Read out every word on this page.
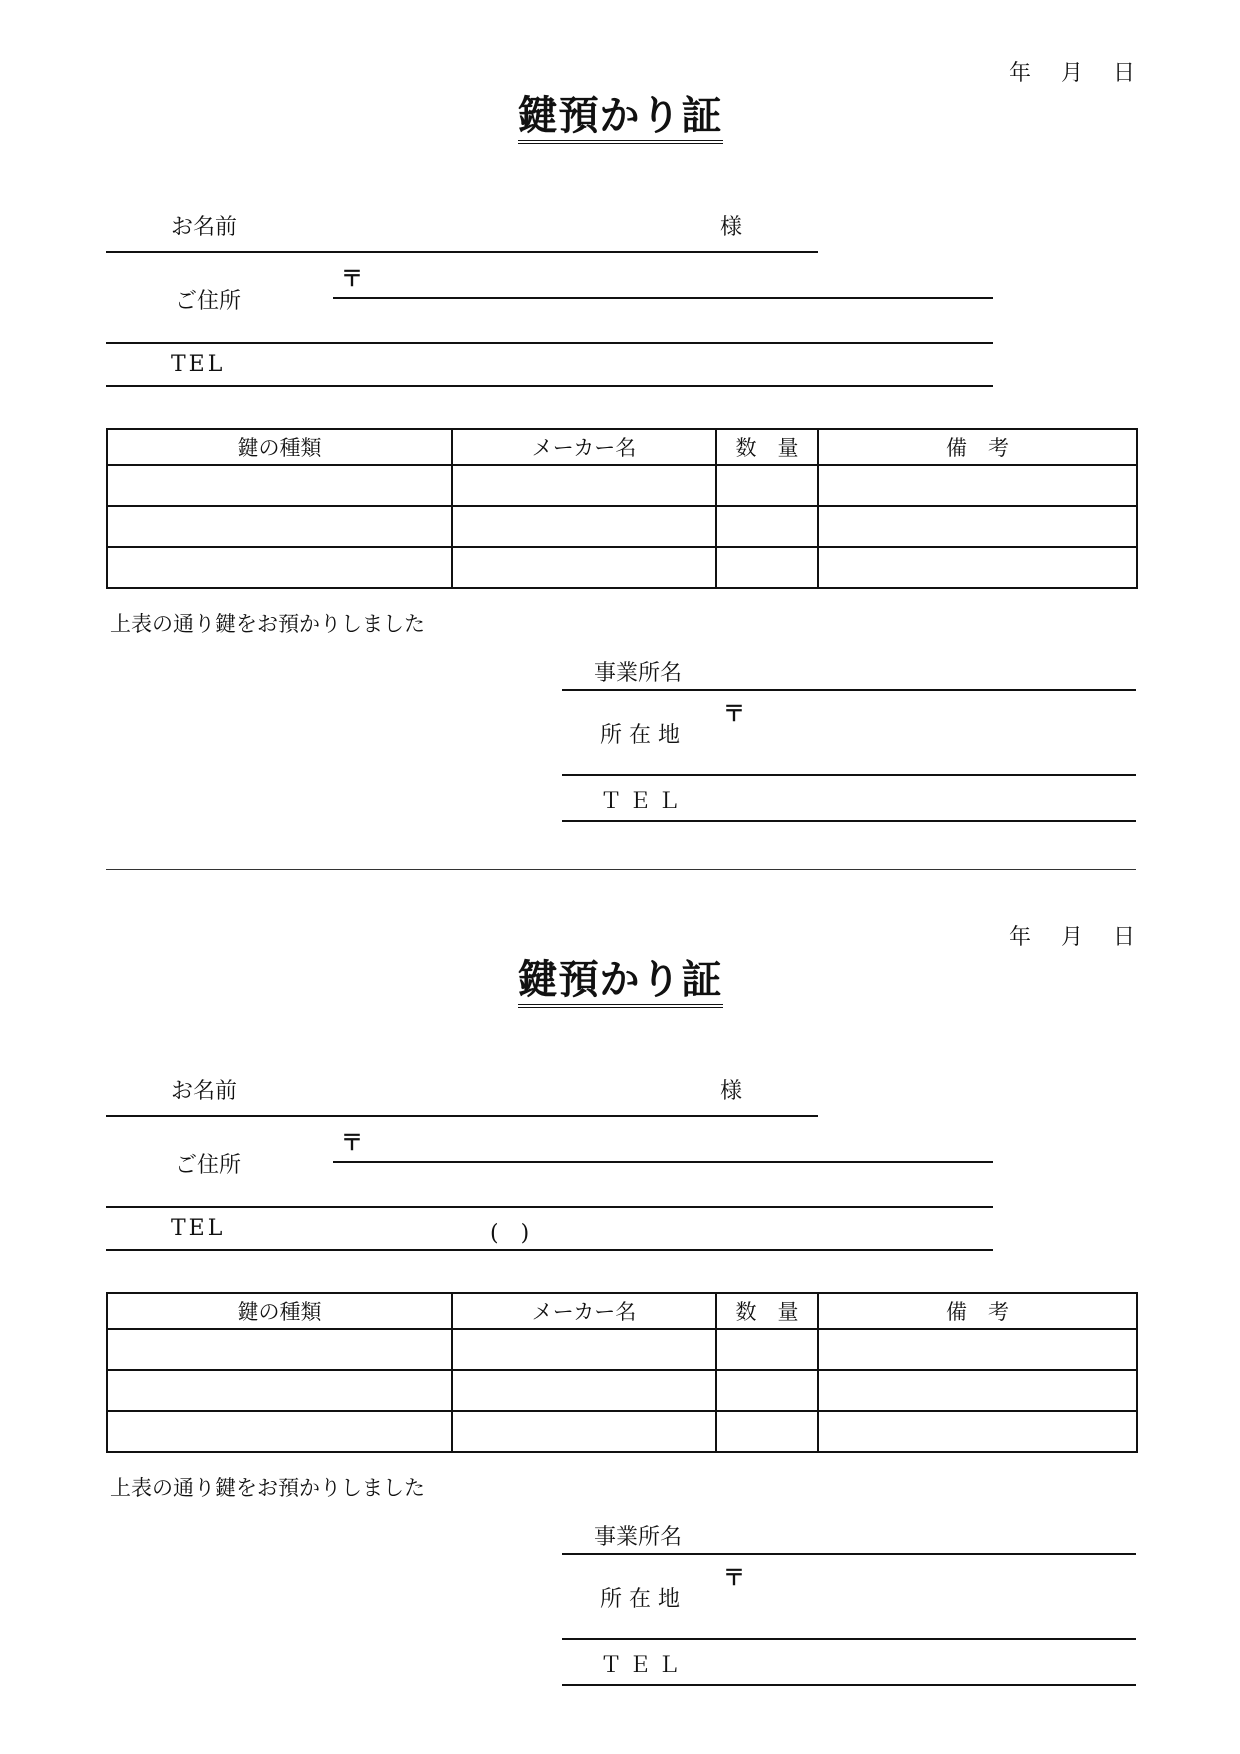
年 月 日
鍵預かり証
お名前	様
〒
ご住所
TEL
鍵の種類	メーカー名	数　量	備　考

上表の通り鍵をお預かりしました
事業所名
〒
所 在 地
Ｔ Ｅ Ｌ
年 月 日
鍵預かり証
お名前	様
〒
ご住所
TEL	(　)
鍵の種類	メーカー名	数　量	備　考

上表の通り鍵をお預かりしました
事業所名
〒
所 在 地
Ｔ Ｅ Ｌ
